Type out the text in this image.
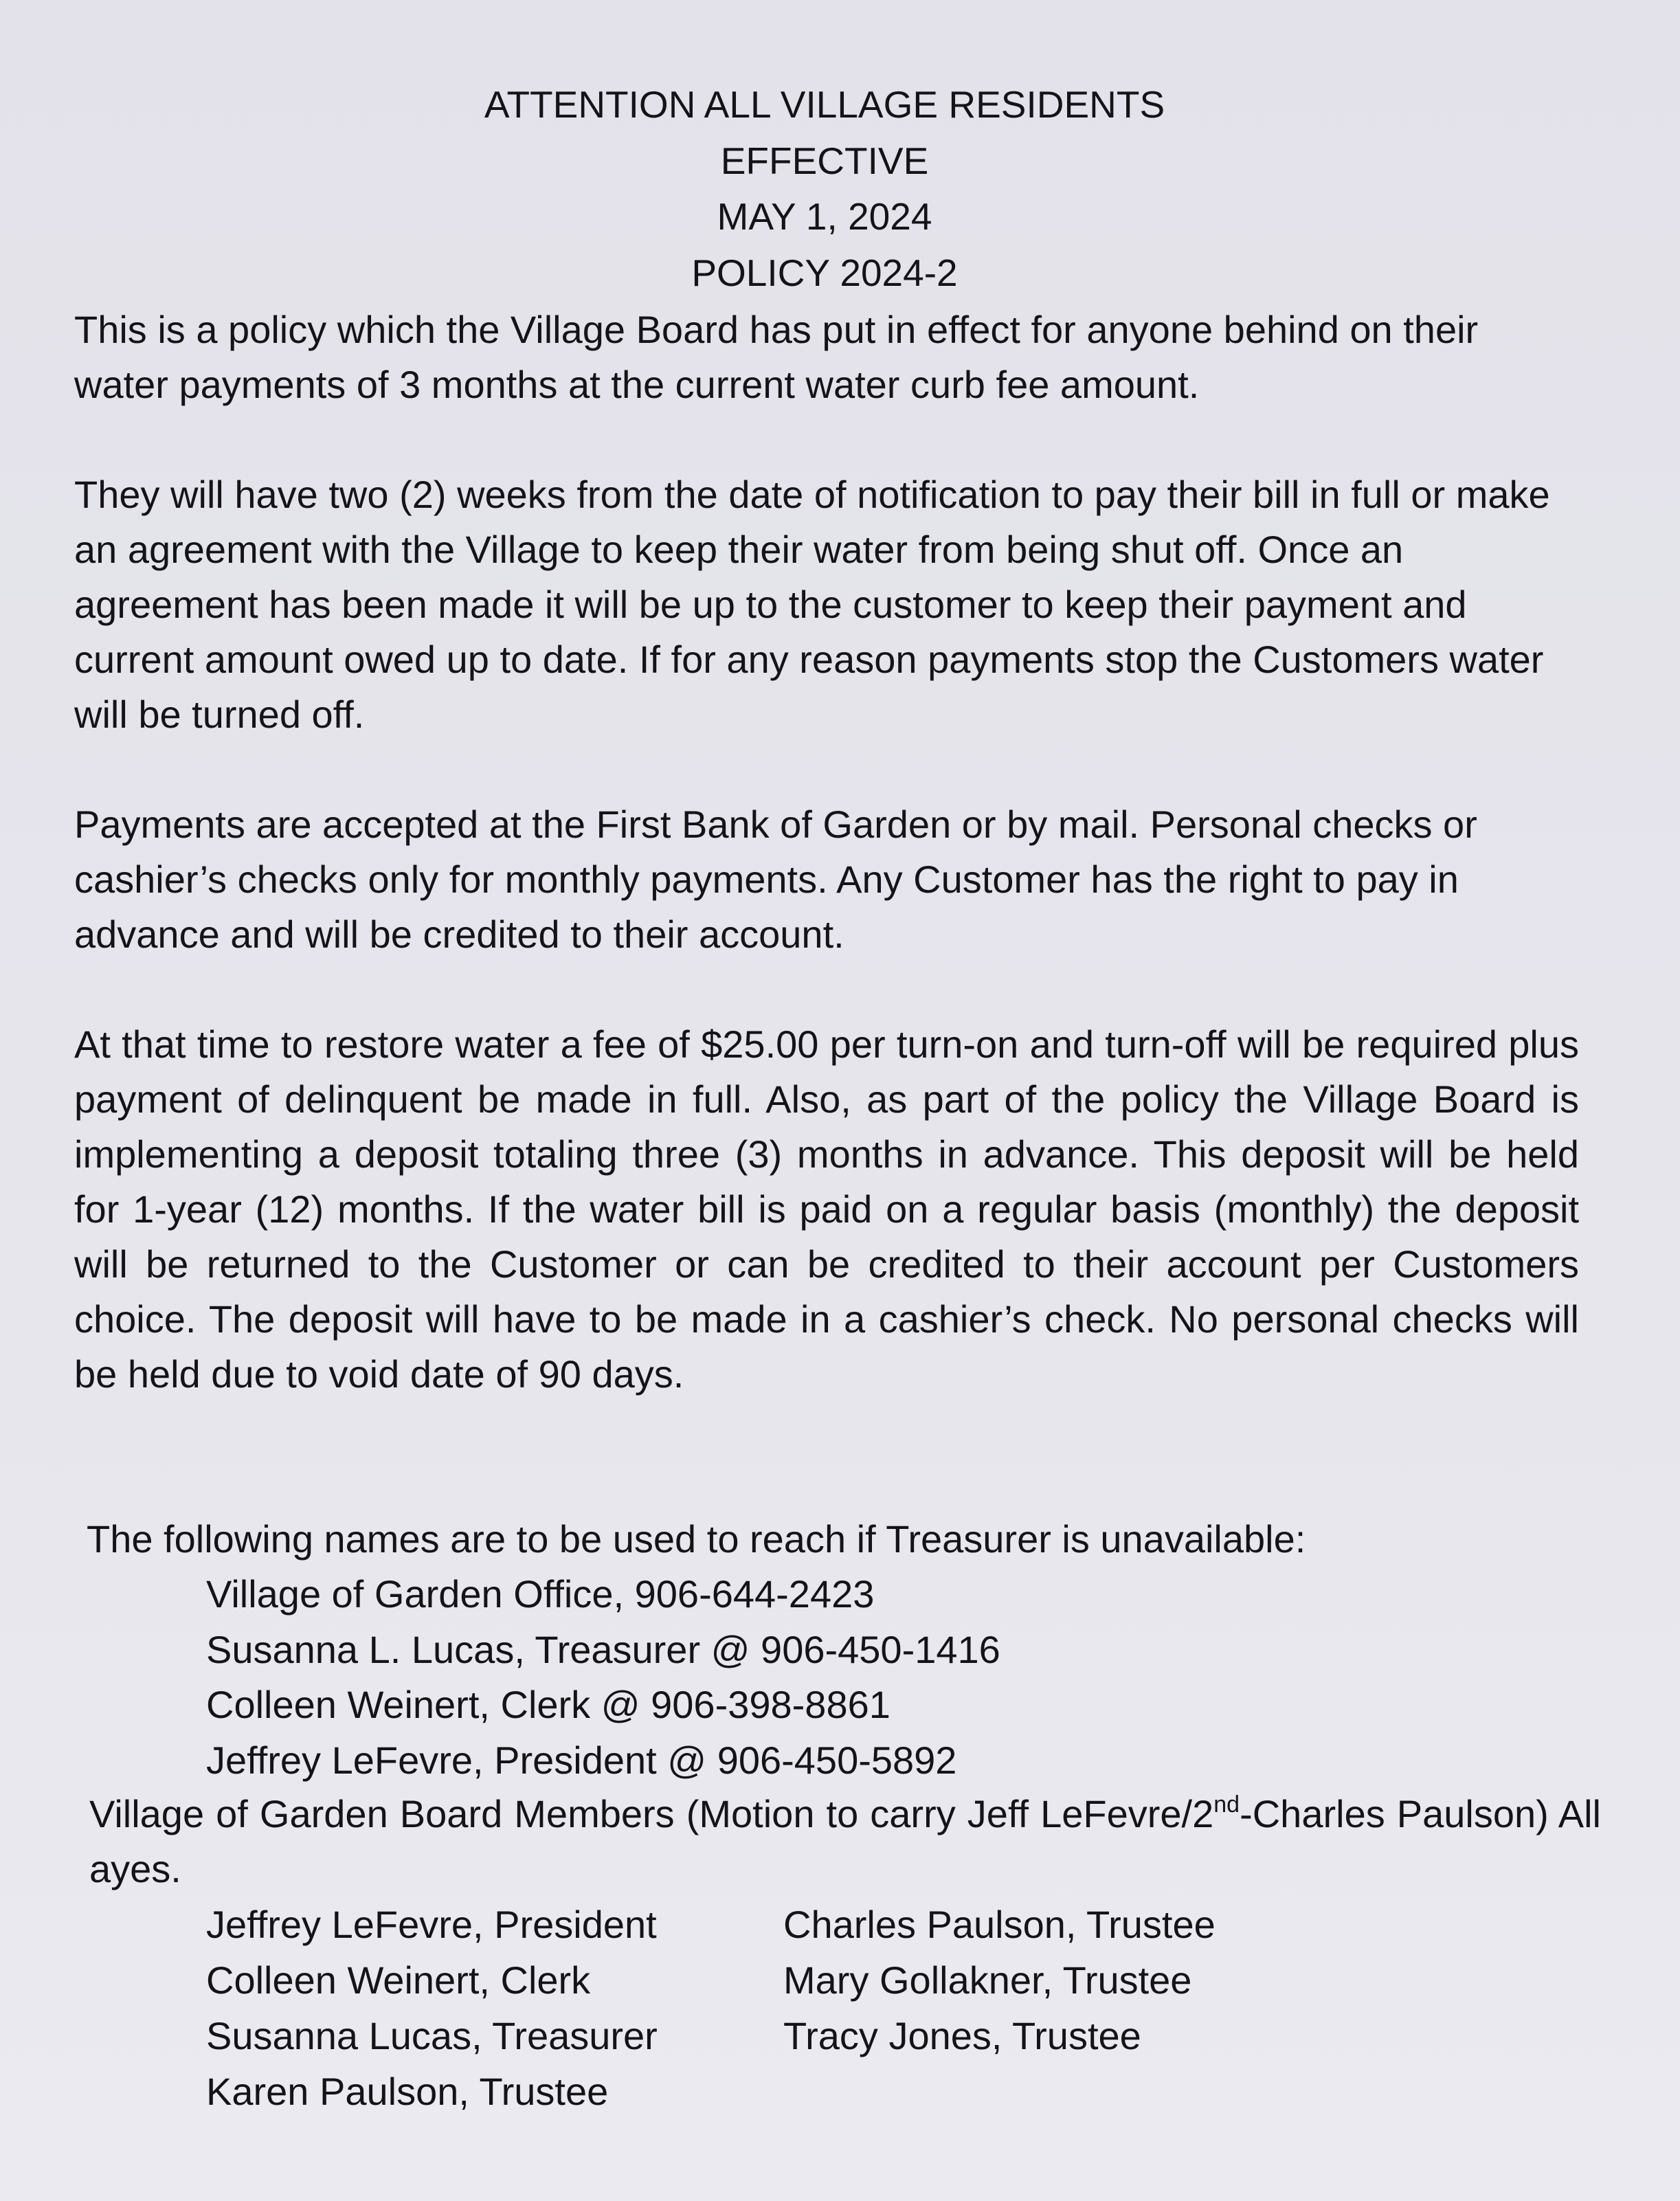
ATTENTION ALL VILLAGE RESIDENTS
EFFECTIVE
MAY 1, 2024
POLICY 2024-2

This is a policy which the Village Board has put in effect for anyone behind on their water payments of 3 months at the current water curb fee amount.

They will have two (2) weeks from the date of notification to pay their bill in full or make an agreement with the Village to keep their water from being shut off. Once an agreement has been made it will be up to the customer to keep their payment and current amount owed up to date. If for any reason payments stop the Customers water will be turned off.

Payments are accepted at the First Bank of Garden or by mail. Personal checks or cashier’s checks only for monthly payments. Any Customer has the right to pay in advance and will be credited to their account.

At that time to restore water a fee of $25.00 per turn-on and turn-off will be required plus payment of delinquent be made in full. Also, as part of the policy the Village Board is implementing a deposit totaling three (3) months in advance. This deposit will be held for 1-year (12) months. If the water bill is paid on a regular basis (monthly) the deposit will be returned to the Customer or can be credited to their account per Customers choice. The deposit will have to be made in a cashier’s check. No personal checks will be held due to void date of 90 days.

The following names are to be used to reach if Treasurer is unavailable:

Village of Garden Office, 906-644-2423
Susanna L. Lucas, Treasurer @ 906-450-1416
Colleen Weinert, Clerk @ 906-398-8861
Jeffrey LeFevre, President @ 906-450-5892

Village of Garden Board Members (Motion to carry Jeff LeFevre/2nd-Charles Paulson) All ayes.

Jeffrey LeFevre, President
Colleen Weinert, Clerk
Susanna Lucas, Treasurer
Karen Paulson, Trustee
Charles Paulson, Trustee
Mary Gollakner, Trustee
Tracy Jones, Trustee
